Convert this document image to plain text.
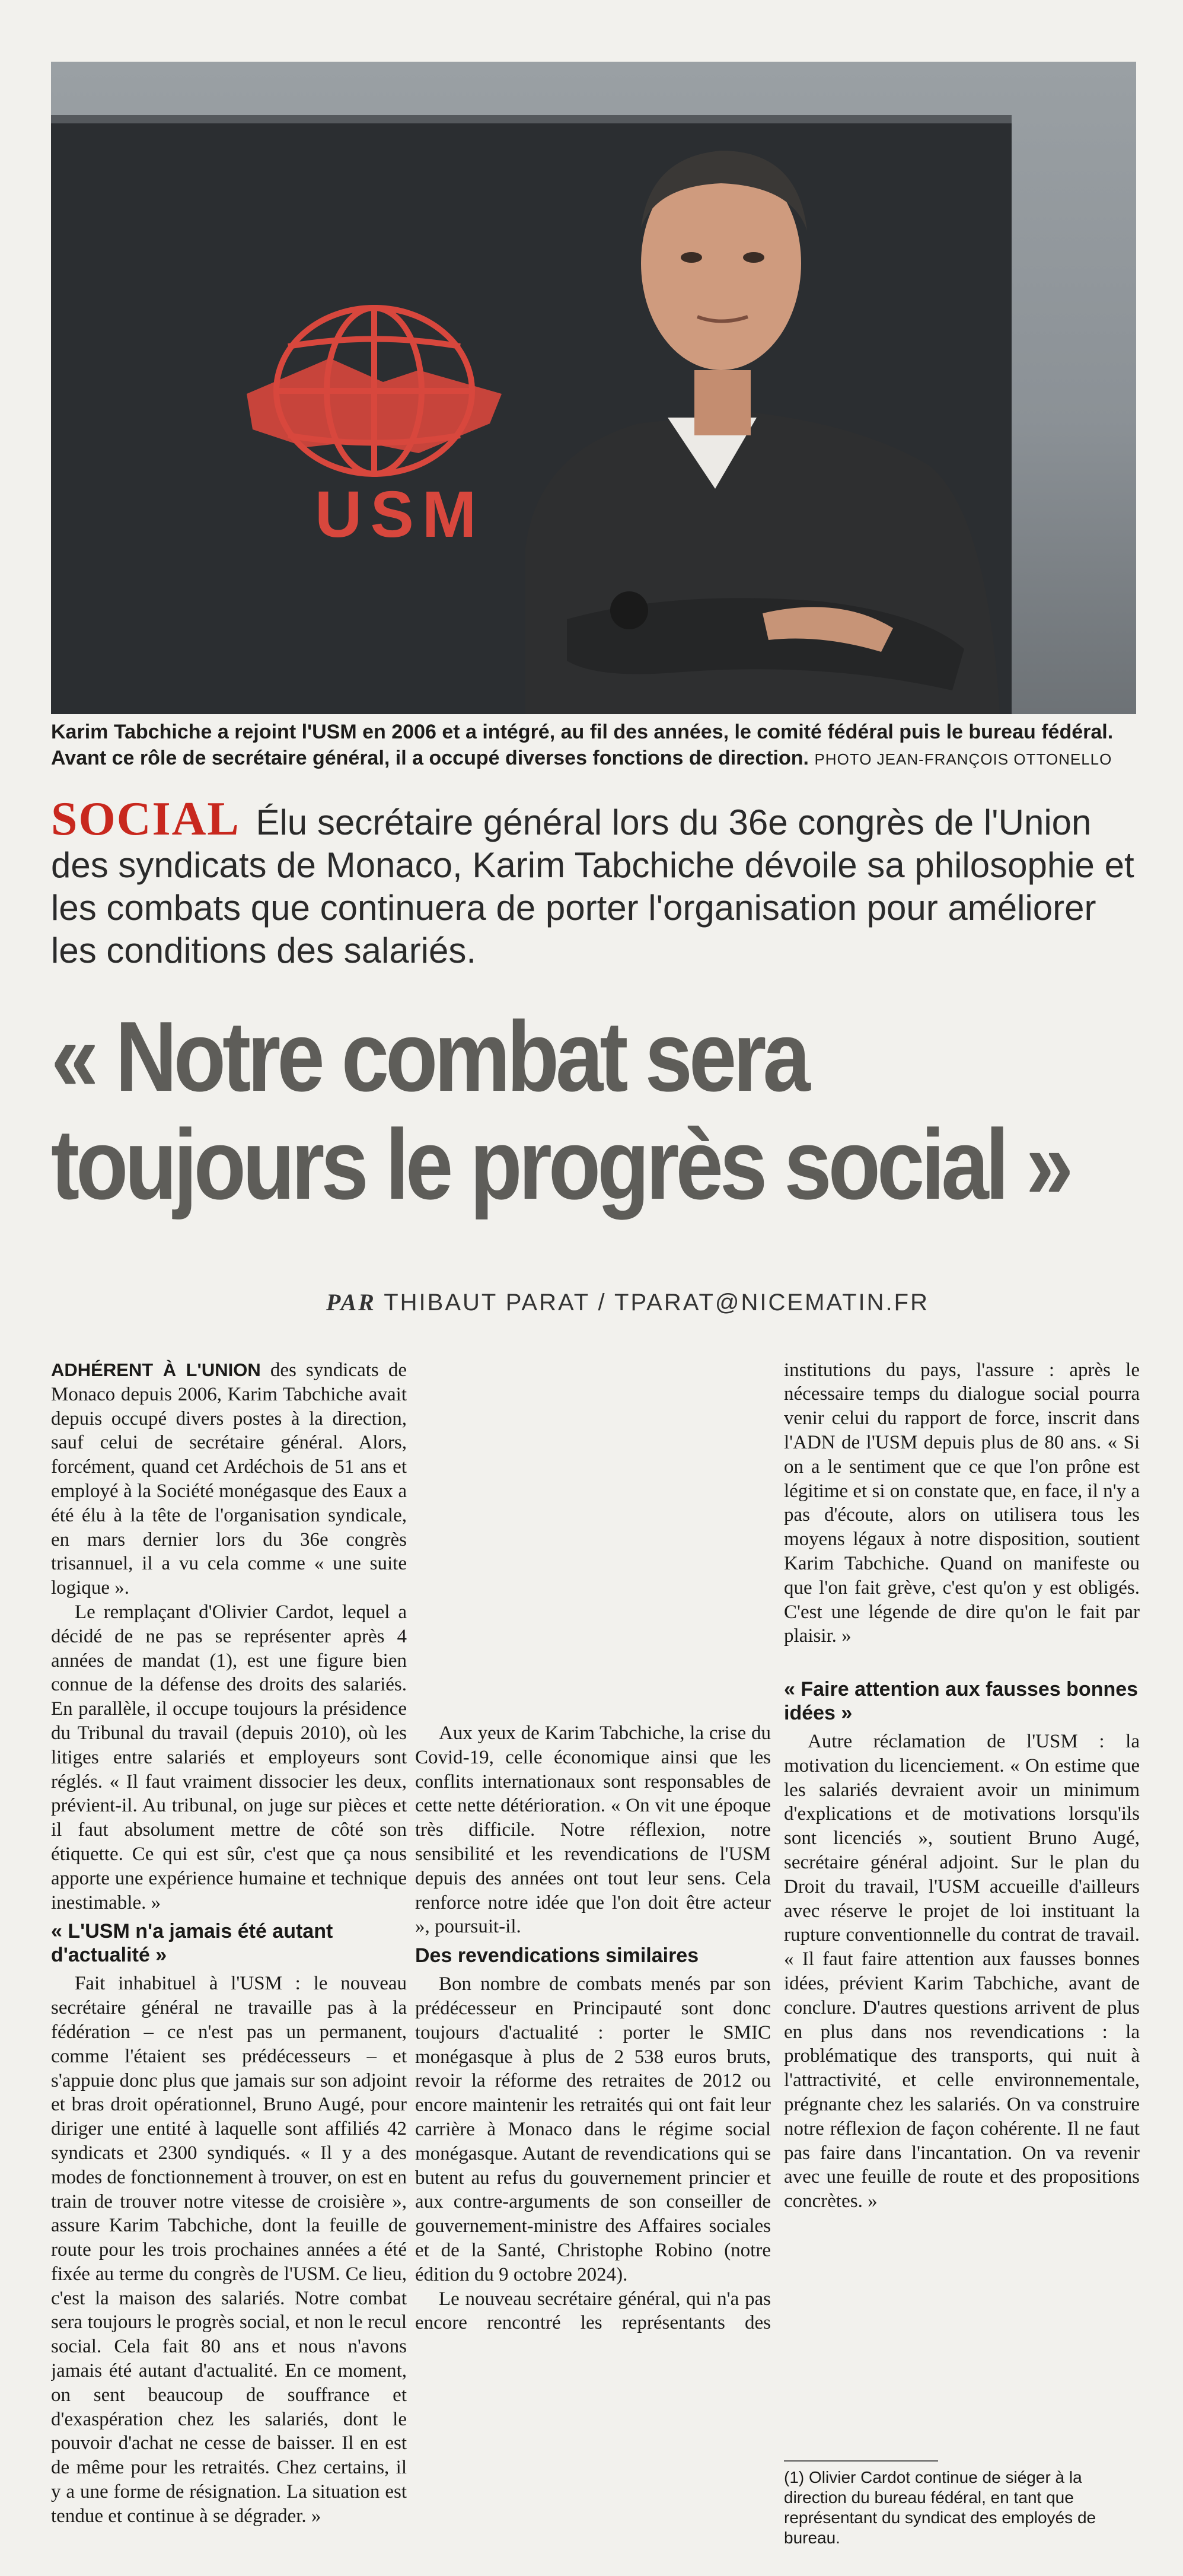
USM
Karim Tabchiche a rejoint l'USM en 2006 et a intégré, au fil des années, le comité fédéral puis le bureau fédéral. Avant ce rôle de secrétaire général, il a occupé diverses fonctions de direction. PHOTO JEAN-FRANÇOIS OTTONELLO
SOCIAL Élu secrétaire général lors du 36e congrès de l'Union des syndicats de Monaco, Karim Tabchiche dévoile sa philosophie et les combats que continuera de porter l'organisation pour améliorer les conditions des salariés.
« Notre combat sera
toujours le progrès social »
PAR THIBAUT PARAT / TPARAT@NICEMATIN.FR

ADHÉRENT À L'UNION des syndicats de Monaco depuis 2006, Karim Tabchiche avait depuis occupé divers postes à la direction, sauf celui de secrétaire général. Alors, forcément, quand cet Ardéchois de 51 ans et employé à la Société monégasque des Eaux a été élu à la tête de l'organisation syndicale, en mars dernier lors du 36e congrès trisannuel, il a vu cela comme « une suite logique ».

Le remplaçant d'Olivier Cardot, lequel a décidé de ne pas se représenter après 4 années de mandat (1), est une figure bien connue de la défense des droits des salariés. En parallèle, il occupe toujours la présidence du Tribunal du travail (depuis 2010), où les litiges entre salariés et employeurs sont réglés. « Il faut vraiment dissocier les deux, prévient-il. Au tribunal, on juge sur pièces et il faut absolument mettre de côté son étiquette. Ce qui est sûr, c'est que ça nous apporte une expérience humaine et technique inestimable. »

« L'USM n'a jamais été autant d'actualité »

Fait inhabituel à l'USM : le nouveau secrétaire général ne travaille pas à la fédération – ce n'est pas un permanent, comme l'étaient ses prédécesseurs – et s'appuie donc plus que jamais sur son adjoint et bras droit opérationnel, Bruno Augé, pour diriger une entité à laquelle sont affiliés 42 syndicats et 2300 syndiqués. « Il y a des modes de fonctionnement à trouver, on est en train de trouver notre vitesse de croisière », assure Karim Tabchiche, dont la feuille de route pour les trois prochaines années a été fixée au terme du congrès de l'USM. Ce lieu, c'est la maison des salariés. Notre combat sera toujours le progrès social, et non le recul social. Cela fait 80 ans et nous n'avons jamais été autant d'actualité. En ce moment, on sent beaucoup de souffrance et d'exaspération chez les salariés, dont le pouvoir d'achat ne cesse de baisser. Il en est de même pour les retraités. Chez certains, il y a une forme de résignation. La situation est tendue et continue à se dégrader. »

Aux yeux de Karim Tabchiche, la crise du Covid-19, celle économique ainsi que les conflits internationaux sont responsables de cette nette détérioration. « On vit une époque très difficile. Notre réflexion, notre sensibilité et les revendications de l'USM depuis des années ont tout leur sens. Cela renforce notre idée que l'on doit être acteur », poursuit-il.

Des revendications similaires

Bon nombre de combats menés par son prédécesseur en Principauté sont donc toujours d'actualité : porter le SMIC monégasque à plus de 2 538 euros bruts, revoir la réforme des retraites de 2012 ou encore maintenir les retraités qui ont fait leur carrière à Monaco dans le régime social monégasque. Autant de revendications qui se butent au refus du gouvernement princier et aux contre-arguments de son conseiller de gouvernement-ministre des Affaires sociales et de la Santé, Christophe Robino (notre édition du 9 octobre 2024).

Le nouveau secrétaire général, qui n'a pas encore rencontré les représentants des

institutions du pays, l'assure : après le nécessaire temps du dialogue social pourra venir celui du rapport de force, inscrit dans l'ADN de l'USM depuis plus de 80 ans. « Si on a le sentiment que ce que l'on prône est légitime et si on constate que, en face, il n'y a pas d'écoute, alors on utilisera tous les moyens légaux à notre disposition, soutient Karim Tabchiche. Quand on manifeste ou que l'on fait grève, c'est qu'on y est obligés. C'est une légende de dire qu'on le fait par plaisir. »

« Faire attention aux fausses bonnes idées »

Autre réclamation de l'USM : la motivation du licenciement. « On estime que les salariés devraient avoir un minimum d'explications et de motivations lorsqu'ils sont licenciés », soutient Bruno Augé, secrétaire général adjoint. Sur le plan du Droit du travail, l'USM accueille d'ailleurs avec réserve le projet de loi instituant la rupture conventionnelle du contrat de travail. « Il faut faire attention aux fausses bonnes idées, prévient Karim Tabchiche, avant de conclure. D'autres questions arrivent de plus en plus dans nos revendications : la problématique des transports, qui nuit à l'attractivité, et celle environnementale, prégnante chez les salariés. On va construire notre réflexion de façon cohérente. Il ne faut pas faire dans l'incantation. On va revenir avec une feuille de route et des propositions concrètes. »

(1) Olivier Cardot continue de siéger à la direction du bureau fédéral, en tant que représentant du syndicat des employés de bureau.
